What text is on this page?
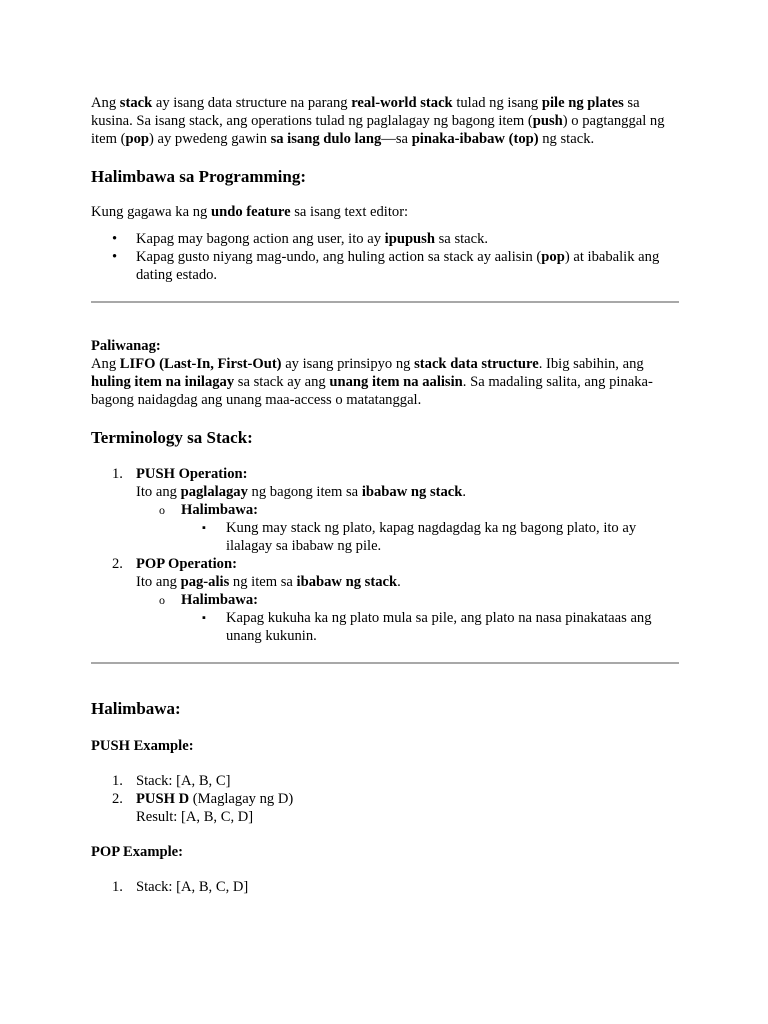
Ang stack ay isang data structure na parang real-world stack tulad ng isang pile ng plates sa kusina. Sa isang stack, ang operations tulad ng paglalagay ng bagong item (push) o pagtanggal ng item (pop) ay pwedeng gawin sa isang dulo lang—sa pinaka-ibabaw (top) ng stack.

Halimbawa sa Programming:

Kung gagawa ka ng undo feature sa isang text editor:

• Kapag may bagong action ang user, ito ay ipupush sa stack.
• Kapag gusto niyang mag-undo, ang huling action sa stack ay aalisin (pop) at ibabalik ang dating estado.

Paliwanag:
Ang LIFO (Last-In, First-Out) ay isang prinsipyo ng stack data structure. Ibig sabihin, ang huling item na inilagay sa stack ay ang unang item na aalisin. Sa madaling salita, ang pinaka-bagong naidagdag ang unang maa-access o matatanggal.

Terminology sa Stack:
1. PUSH Operation:
Ito ang paglalagay ng bagong item sa ibabaw ng stack.
o Halimbawa:
▪ Kung may stack ng plato, kapag nagdagdag ka ng bagong plato, ito ay ilalagay sa ibabaw ng pile.
2. POP Operation:
Ito ang pag-alis ng item sa ibabaw ng stack.
o Halimbawa:
▪ Kapag kukuha ka ng plato mula sa pile, ang plato na nasa pinakataas ang unang kukunin.
Halimbawa:
PUSH Example:
1. Stack: [A, B, C]
2. PUSH D (Maglagay ng D)
Result: [A, B, C, D]
POP Example:
1. Stack: [A, B, C, D]
